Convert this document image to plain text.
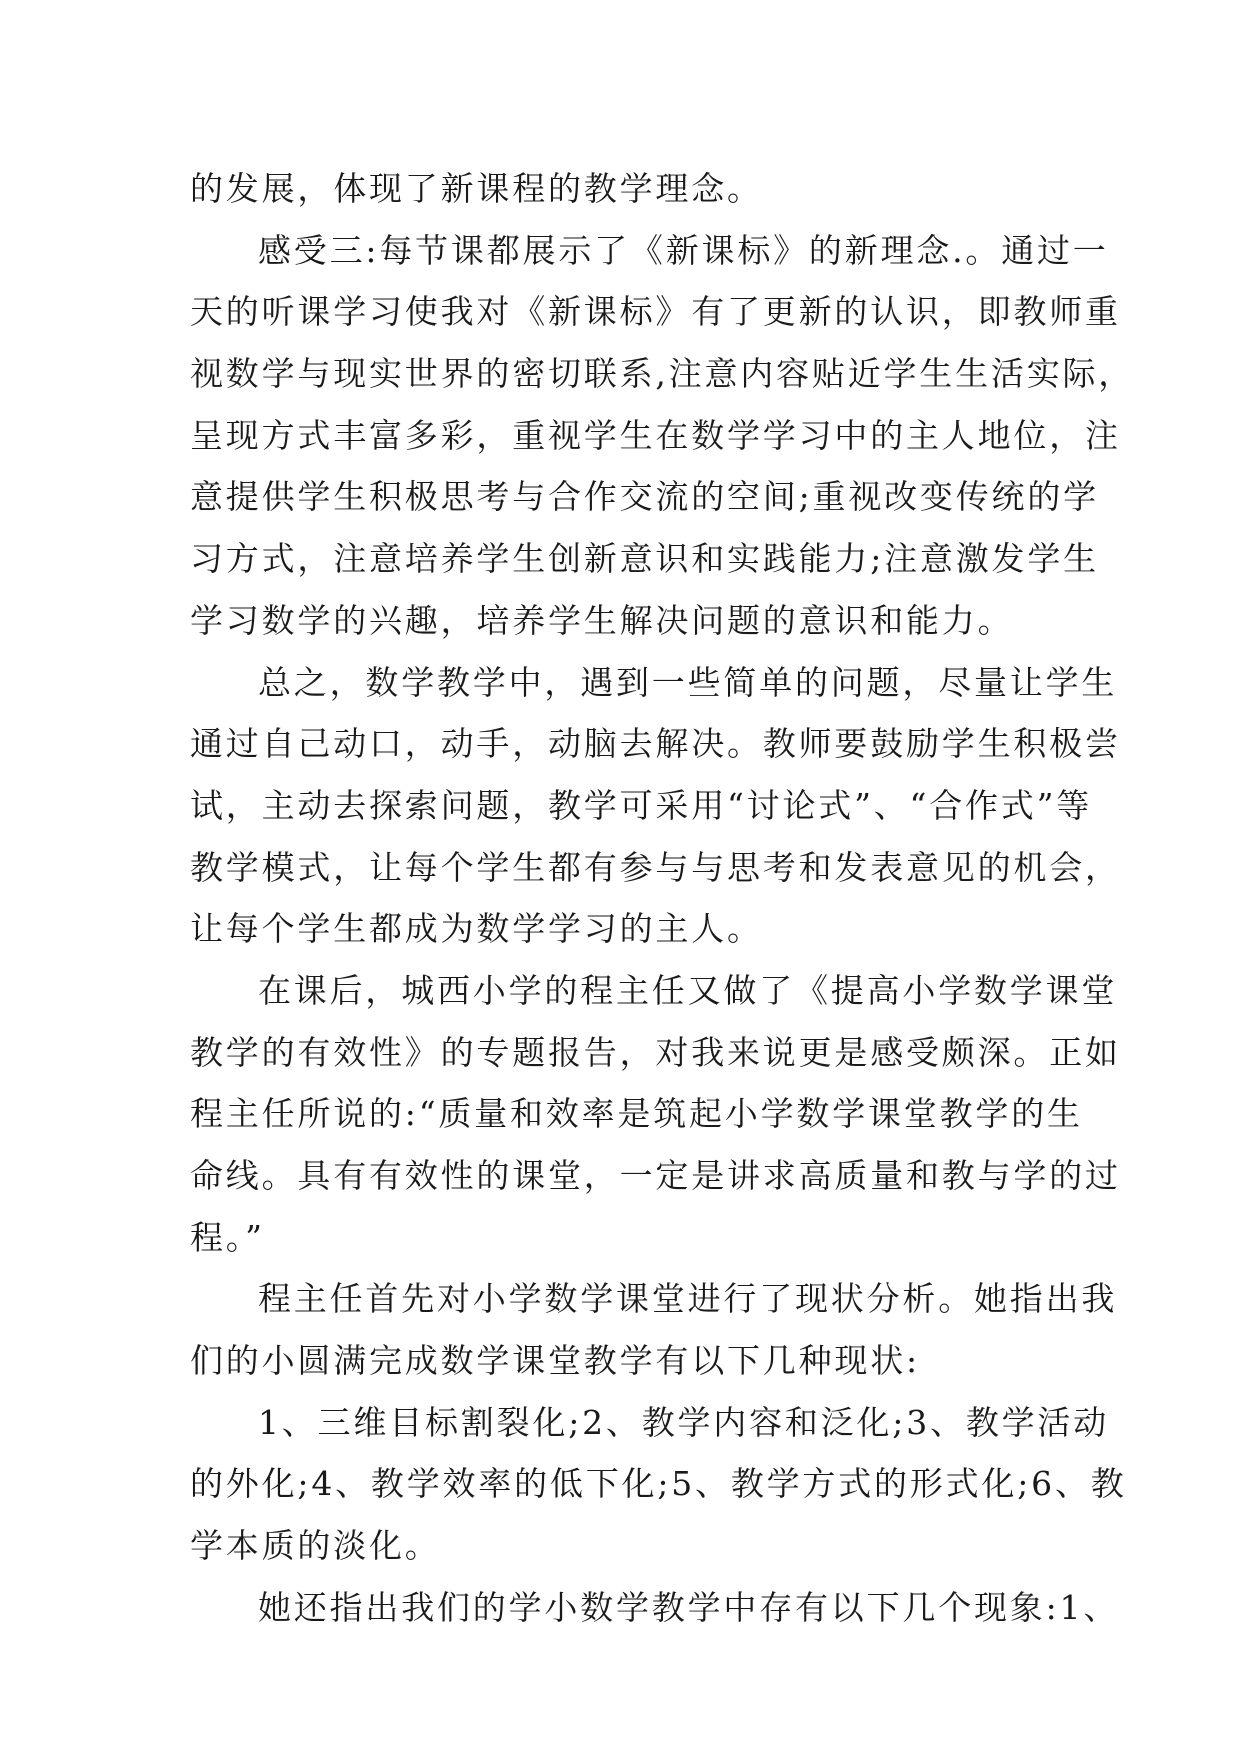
的发展，体现了新课程的教学理念。
感受三:每节课都展示了《新课标》的新理念.。通过一
天的听课学习使我对《新课标》有了更新的认识，即教师重
视数学与现实世界的密切联系,注意内容贴近学生生活实际，
呈现方式丰富多彩，重视学生在数学学习中的主人地位，注
意提供学生积极思考与合作交流的空间;重视改变传统的学
习方式，注意培养学生创新意识和实践能力;注意激发学生
学习数学的兴趣，培养学生解决问题的意识和能力。
总之，数学教学中，遇到一些简单的问题，尽量让学生
通过自己动口，动手，动脑去解决。教师要鼓励学生积极尝
试，主动去探索问题，教学可采用“讨论式”、“合作式”等
教学模式，让每个学生都有参与与思考和发表意见的机会，
让每个学生都成为数学学习的主人。
在课后，城西小学的程主任又做了《提高小学数学课堂
教学的有效性》的专题报告，对我来说更是感受颇深。正如
程主任所说的:“质量和效率是筑起小学数学课堂教学的生
命线。具有有效性的课堂，一定是讲求高质量和教与学的过
程。”
程主任首先对小学数学课堂进行了现状分析。她指出我
们的小圆满完成数学课堂教学有以下几种现状:
1、三维目标割裂化;2、教学内容和泛化;3、教学活动
的外化;4、教学效率的低下化;5、教学方式的形式化;6、教
学本质的淡化。
她还指出我们的学小数学教学中存有以下几个现象:1、
